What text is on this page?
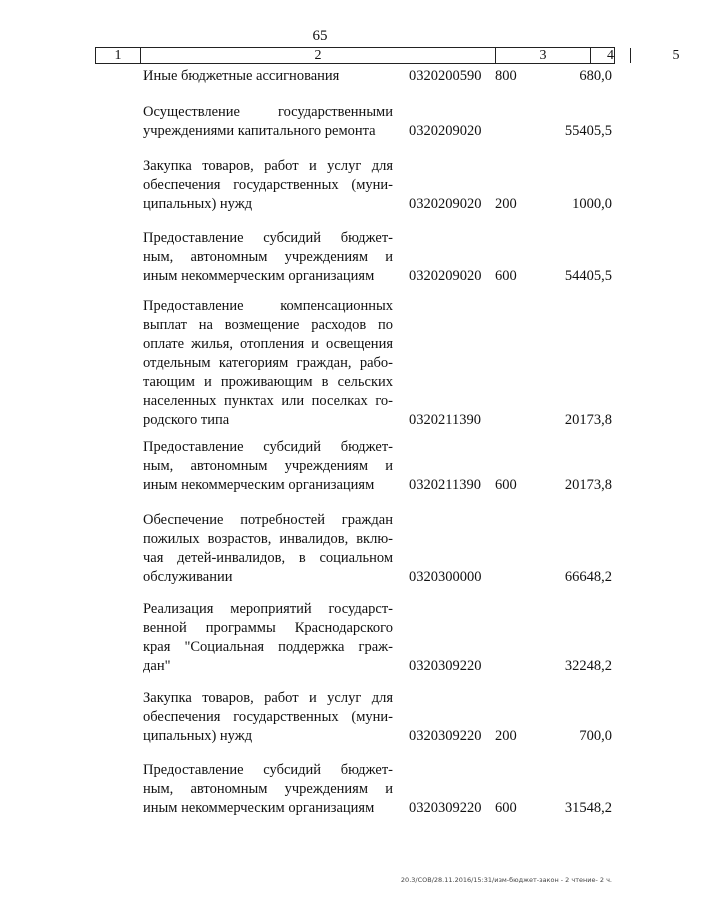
65
1	2	3	4	5
Иные бюджетные ассигнования	0320200590 800	680,0
Осуществление государственными
учреждениями капитального ремонта	0320209020	55405,5
Закупка товаров, работ и услуг для
обеспечения государственных (муни-
ципальных) нужд	0320209020 200	1000,0
Предоставление субсидий бюджет-
ным, автономным учреждениям и
иным некоммерческим организациям	0320209020 600	54405,5
Предоставление компенсационных
выплат на возмещение расходов по
оплате жилья, отопления и освещения
отдельным категориям граждан, рабо-
тающим и проживающим в сельских
населенных пунктах или поселках го-
родского типа	0320211390	20173,8
Предоставление субсидий бюджет-
ным, автономным учреждениям и
иным некоммерческим организациям	0320211390 600	20173,8
Обеспечение потребностей граждан
пожилых возрастов, инвалидов, вклю-
чая детей-инвалидов, в социальном
обслуживании	0320300000	66648,2
Реализация мероприятий государст-
венной программы Краснодарского
края "Социальная поддержка граж-
дан"	0320309220	32248,2
Закупка товаров, работ и услуг для
обеспечения государственных (муни-
ципальных) нужд	0320309220 200	700,0
Предоставление субсидий бюджет-
ным, автономным учреждениям и
иным некоммерческим организациям	0320309220 600	31548,2
20.3/СОВ/28.11.2016/15:31/изм-бюджет-закон - 2 чтение- 2 ч.
